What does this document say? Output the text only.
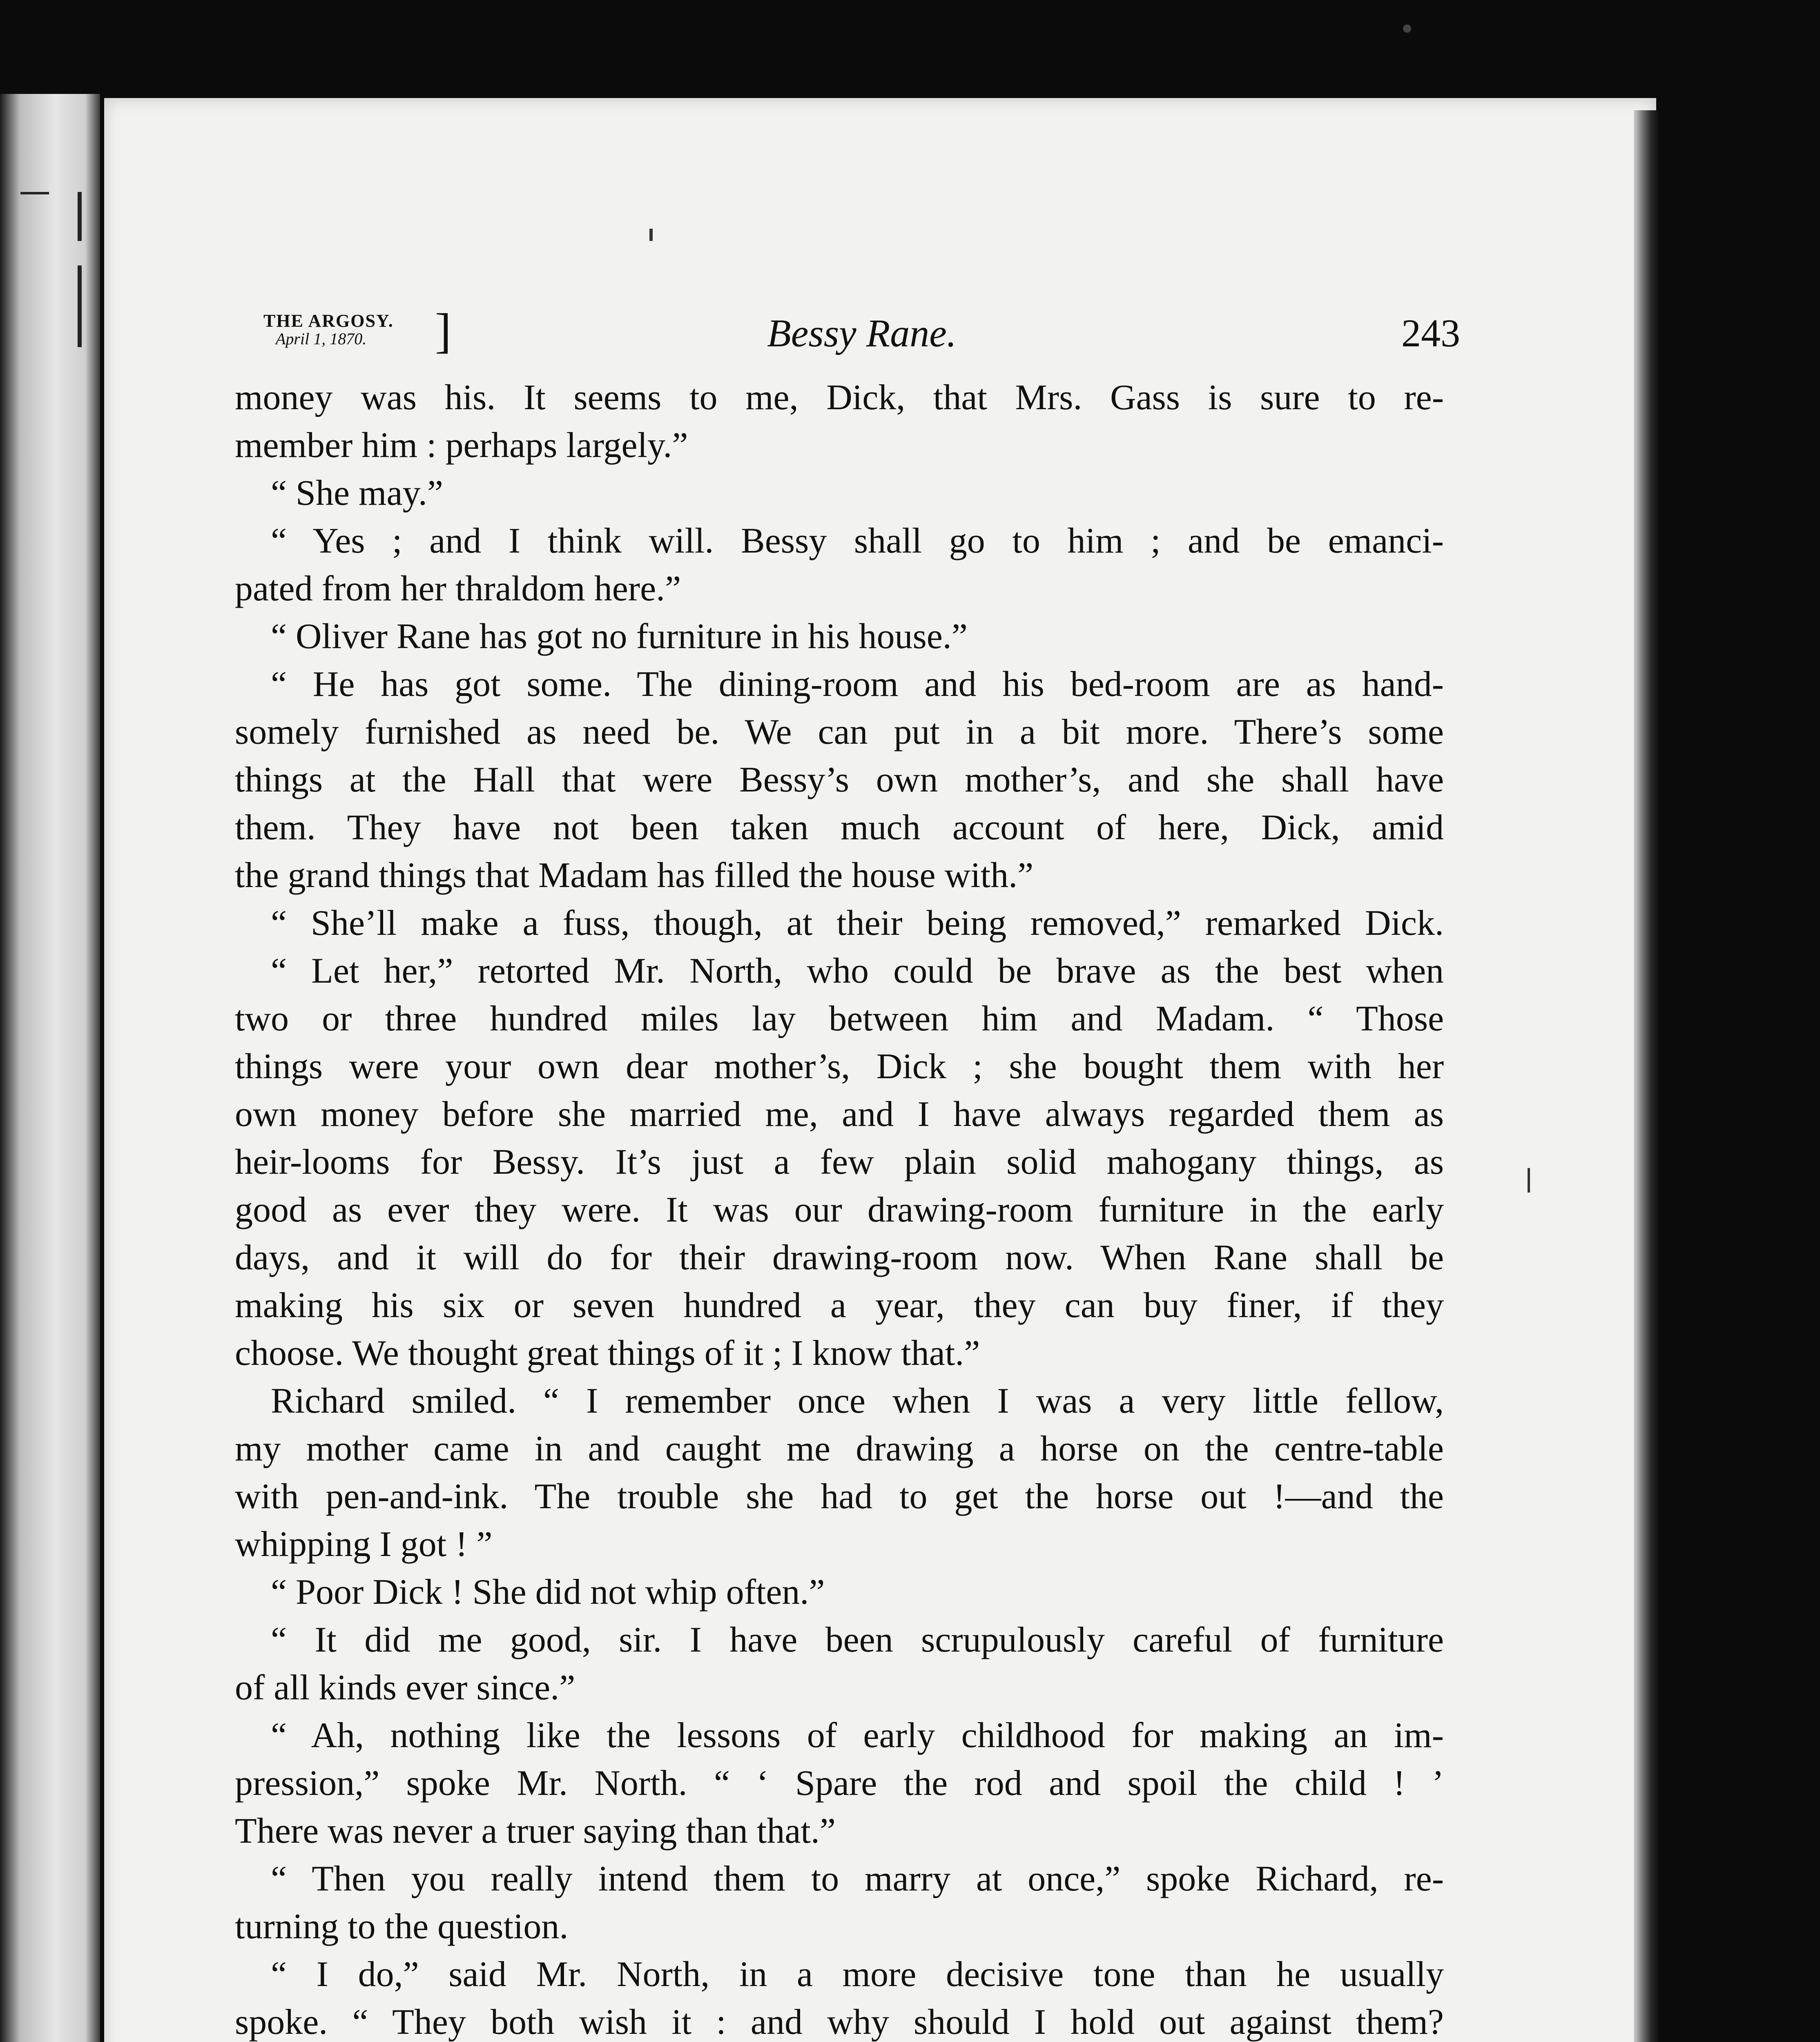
THE ARGOSY.
April 1, 1870. ]	Bessy Rane.	243
money was his. It seems to me, Dick, that Mrs. Gass is sure to re-
member him : perhaps largely.”
“ She may.”
“ Yes ; and I think will. Bessy shall go to him ; and be emanci-
pated from her thraldom here.”
“ Oliver Rane has got no furniture in his house.”
“ He has got some. The dining-room and his bed-room are as hand-
somely furnished as need be. We can put in a bit more. There’s some
things at the Hall that were Bessy’s own mother’s, and she shall have
them. They have not been taken much account of here, Dick, amid
the grand things that Madam has filled the house with.”
“ She’ll make a fuss, though, at their being removed,” remarked Dick.
“ Let her,” retorted Mr. North, who could be brave as the best when
two or three hundred miles lay between him and Madam. “ Those
things were your own dear mother’s, Dick ; she bought them with her
own money before she married me, and I have always regarded them as
heir-looms for Bessy. It’s just a few plain solid mahogany things, as
good as ever they were. It was our drawing-room furniture in the early
days, and it will do for their drawing-room now. When Rane shall be
making his six or seven hundred a year, they can buy finer, if they
choose. We thought great things of it ; I know that.”
Richard smiled. “ I remember once when I was a very little fellow,
my mother came in and caught me drawing a horse on the centre-table
with pen-and-ink. The trouble she had to get the horse out !—and the
whipping I got ! ”
“ Poor Dick ! She did not whip often.”
“ It did me good, sir. I have been scrupulously careful of furniture
of all kinds ever since.”
“ Ah, nothing like the lessons of early childhood for making an im-
pression,” spoke Mr. North. “ ‘ Spare the rod and spoil the child ! ’
There was never a truer saying than that.”
“ Then you really intend them to marry at once,” spoke Richard, re-
turning to the question.
“ I do,” said Mr. North, in a more decisive tone than he usually
spoke. “ They both wish it : and why should I hold out against them?
